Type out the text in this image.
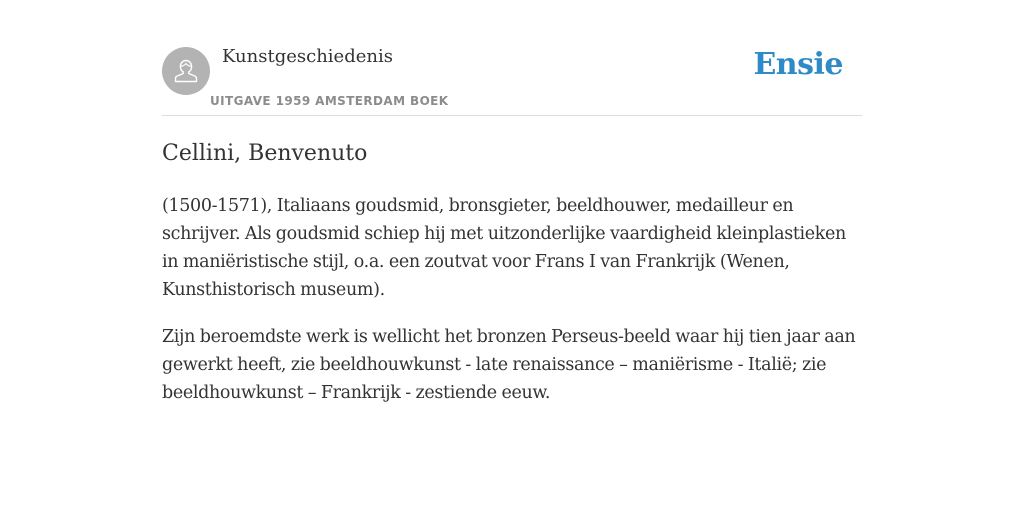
Kunstgeschiedenis
UITGAVE 1959 AMSTERDAM BOEK
Ensie
Cellini, Benvenuto

(1500-1571), Italiaans goudsmid, bronsgieter, beeldhouwer, medailleur en schrijver. Als goudsmid schiep hij met uitzonderlijke vaardigheid kleinplastieken in maniëristische stijl, o.a. een zoutvat voor Frans I van Frankrijk (Wenen, Kunsthistorisch museum).

Zijn beroemdste werk is wellicht het bronzen Perseus-beeld waar hij tien jaar aan gewerkt heeft, zie beeldhouwkunst - late renaissance – maniërisme - Italië; zie beeldhouwkunst – Frankrijk - zestiende eeuw.
